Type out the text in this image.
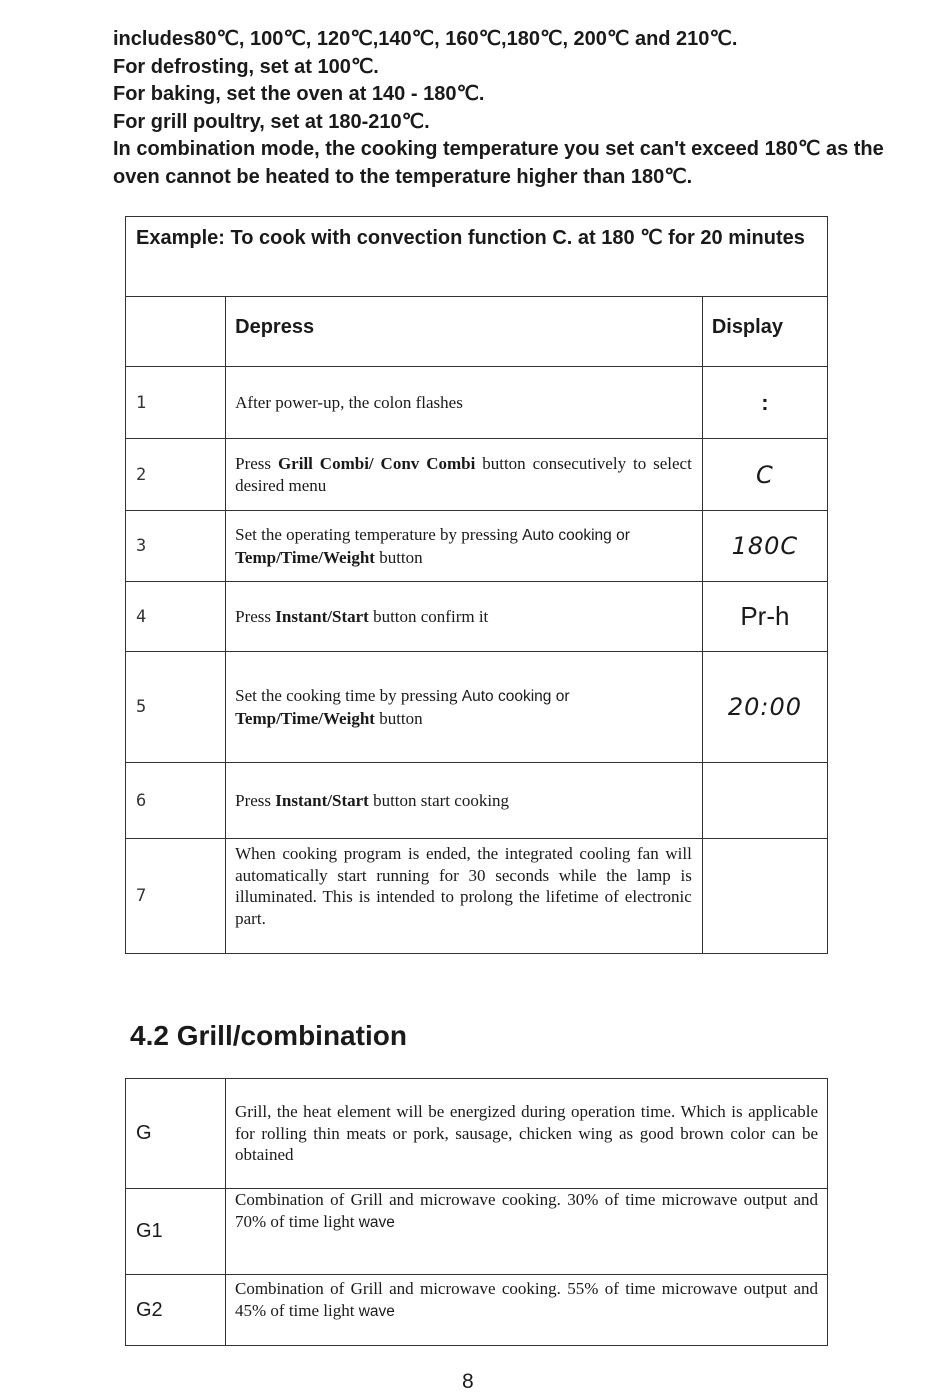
includes80℃, 100℃, 120℃,140℃, 160℃,180℃, 200℃ and 210℃.

For defrosting, set at 100℃.

For baking, set the oven at 140 - 180℃.

For grill poultry, set at 180-210℃.

In combination mode, the cooking temperature you set can't exceed 180℃ as the

oven cannot be heated to the temperature higher than 180℃.

Example: To cook with convection function C. at 180 ℃ for 20 minutes		
	Depress	Display
1	After power-up, the colon flashes	:
2	Press Grill Combi/ Conv Combi button consecutively to select desired menu	C
3	Set the operating temperature by pressing Auto cooking or
Temp/Time/Weight button	180C
4	Press Instant/Start button confirm it	Pr-h
5	Set the cooking time by pressing Auto cooking or
Temp/Time/Weight button	20:00
6	Press Instant/Start button start cooking	
7	When cooking program is ended, the integrated cooling fan will automatically start running for 30 seconds while the lamp is illuminated. This is intended to prolong the lifetime of electronic part.	
4.2 Grill/combination
G	Grill, the heat element will be energized during operation time. Which is applicable for rolling thin meats or pork, sausage, chicken wing as good brown color can be obtained
G1	Combination of Grill and microwave cooking. 30% of time microwave output and 70% of time light wave
G2	Combination of Grill and microwave cooking. 55% of time microwave output and 45% of time light wave
8
